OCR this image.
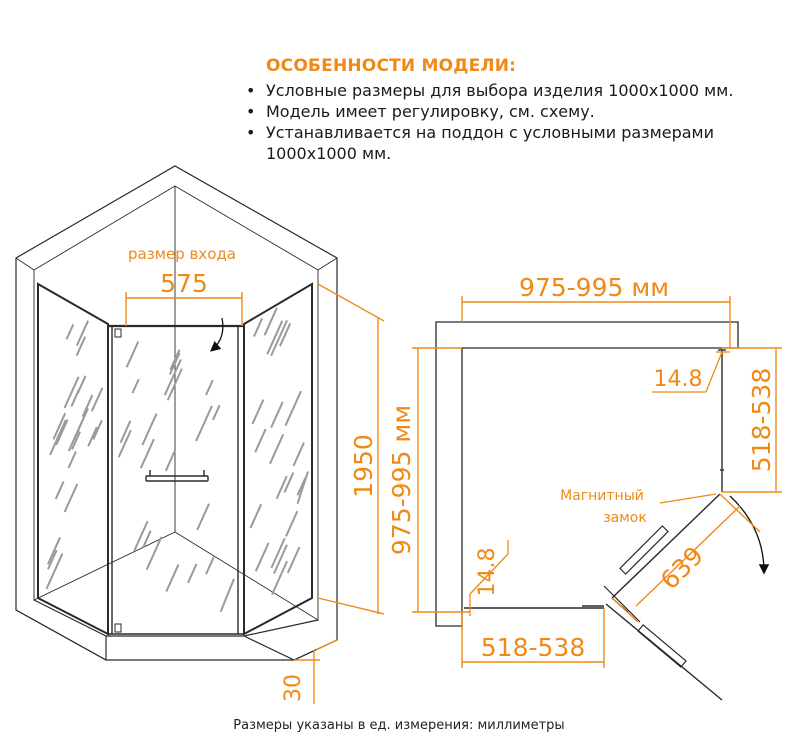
ОСОБЕННОСТИ МОДЕЛИ:
• Условные размеры для выбора изделия 1000х1000 мм.
• Модель имеет регулировку, см. схему.
• Устанавливается на поддон с условными размерами 1000х1000 мм.
размер входа
575
1950
30
975-995 мм
975-995 мм
14.8 518-538
Магнитный
замок
14.8
518-538
639
Размеры указаны в ед. измерения: миллиметры
